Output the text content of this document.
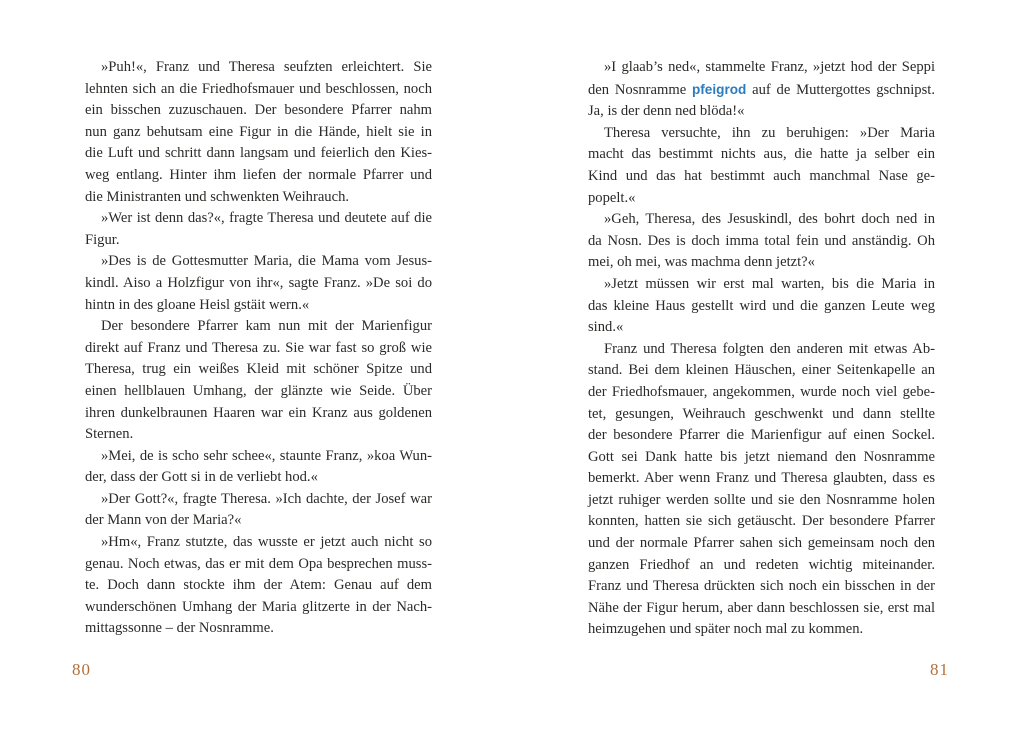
»Puh!«, Franz und Theresa seufzten erleichtert. Sie
lehnten sich an die Friedhofsmauer und beschlossen, noch
ein bisschen zuzuschauen. Der besondere Pfarrer nahm
nun ganz behutsam eine Figur in die Hände, hielt sie in
die Luft und schritt dann langsam und feierlich den Kies-
weg entlang. Hinter ihm liefen der normale Pfarrer und
die Ministranten und schwenkten Weihrauch.
»Wer ist denn das?«, fragte Theresa und deutete auf die
Figur.
»Des is de Gottesmutter Maria, die Mama vom Jesus-
kindl. Aiso a Holzfigur von ihr«, sagte Franz. »De soi do
hintn in des gloane Heisl gstäit wern.«
Der besondere Pfarrer kam nun mit der Marienfigur
direkt auf Franz und Theresa zu. Sie war fast so groß wie
Theresa, trug ein weißes Kleid mit schöner Spitze und
einen hellblauen Umhang, der glänzte wie Seide. Über
ihren dunkelbraunen Haaren war ein Kranz aus goldenen
Sternen.
»Mei, de is scho sehr schee«, staunte Franz, »koa Wun-
der, dass der Gott si in de verliebt hod.«
»Der Gott?«, fragte Theresa. »Ich dachte, der Josef war
der Mann von der Maria?«
»Hm«, Franz stutzte, das wusste er jetzt auch nicht so
genau. Noch etwas, das er mit dem Opa besprechen muss-
te. Doch dann stockte ihm der Atem: Genau auf dem
wunderschönen Umhang der Maria glitzerte in der Nach-
mittagssonne – der Nosnramme.
80
»I glaab’s ned«, stammelte Franz, »jetzt hod der Seppi
den Nosnramme pfeigrod auf de Muttergottes gschnipst.
Ja, is der denn ned blöda!«
Theresa versuchte, ihn zu beruhigen: »Der Maria
macht das bestimmt nichts aus, die hatte ja selber ein
Kind und das hat bestimmt auch manchmal Nase ge-
popelt.«
»Geh, Theresa, des Jesuskindl, des bohrt doch ned in
da Nosn. Des is doch imma total fein und anständig. Oh
mei, oh mei, was machma denn jetzt?«
»Jetzt müssen wir erst mal warten, bis die Maria in
das kleine Haus gestellt wird und die ganzen Leute weg
sind.«
Franz und Theresa folgten den anderen mit etwas Ab-
stand. Bei dem kleinen Häuschen, einer Seitenkapelle an
der Friedhofsmauer, angekommen, wurde noch viel gebe-
tet, gesungen, Weihrauch geschwenkt und dann stellte
der besondere Pfarrer die Marienfigur auf einen Sockel.
Gott sei Dank hatte bis jetzt niemand den Nosnramme
bemerkt. Aber wenn Franz und Theresa glaubten, dass es
jetzt ruhiger werden sollte und sie den Nosnramme holen
konnten, hatten sie sich getäuscht. Der besondere Pfarrer
und der normale Pfarrer sahen sich gemeinsam noch den
ganzen Friedhof an und redeten wichtig miteinander.
Franz und Theresa drückten sich noch ein bisschen in der
Nähe der Figur herum, aber dann beschlossen sie, erst mal
heimzugehen und später noch mal zu kommen.
81
